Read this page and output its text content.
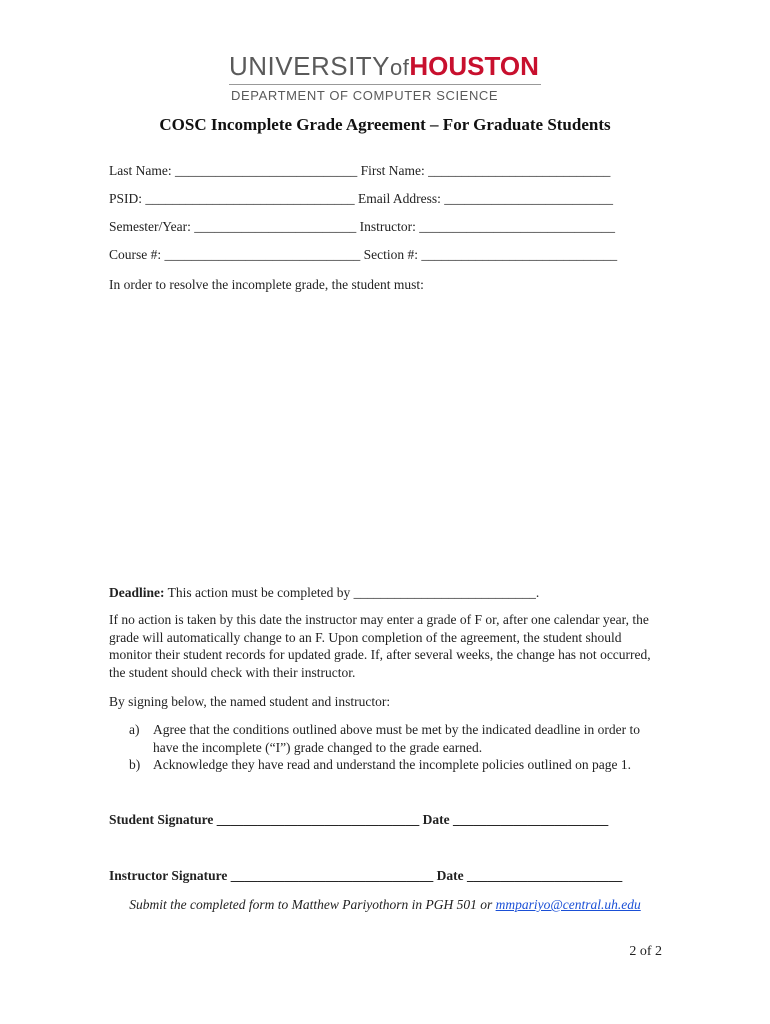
UNIVERSITYofHOUSTON
DEPARTMENT OF COMPUTER SCIENCE
COSC Incomplete Grade Agreement – For Graduate Students
Last Name: ___________________________ First Name: ___________________________
PSID: _______________________________ Email Address: _________________________
Semester/Year: ________________________ Instructor: _____________________________
Course #: _____________________________ Section #: _____________________________
In order to resolve the incomplete grade, the student must:
Deadline: This action must be completed by ___________________________.
If no action is taken by this date the instructor may enter a grade of F or, after one calendar year, the grade will automatically change to an F. Upon completion of the agreement, the student should monitor their student records for updated grade. If, after several weeks, the change has not occurred, the student should check with their instructor.
By signing below, the named student and instructor:
a)	Agree that the conditions outlined above must be met by the indicated deadline in order to have the incomplete (“I”) grade changed to the grade earned.
b) Acknowledge they have read and understand the incomplete policies outlined on page 1.
Student Signature ______________________________ Date _______________________
Instructor Signature ______________________________ Date _______________________
Submit the completed form to Matthew Pariyothorn in PGH 501 or mmpariyo@central.uh.edu
2 of 2
